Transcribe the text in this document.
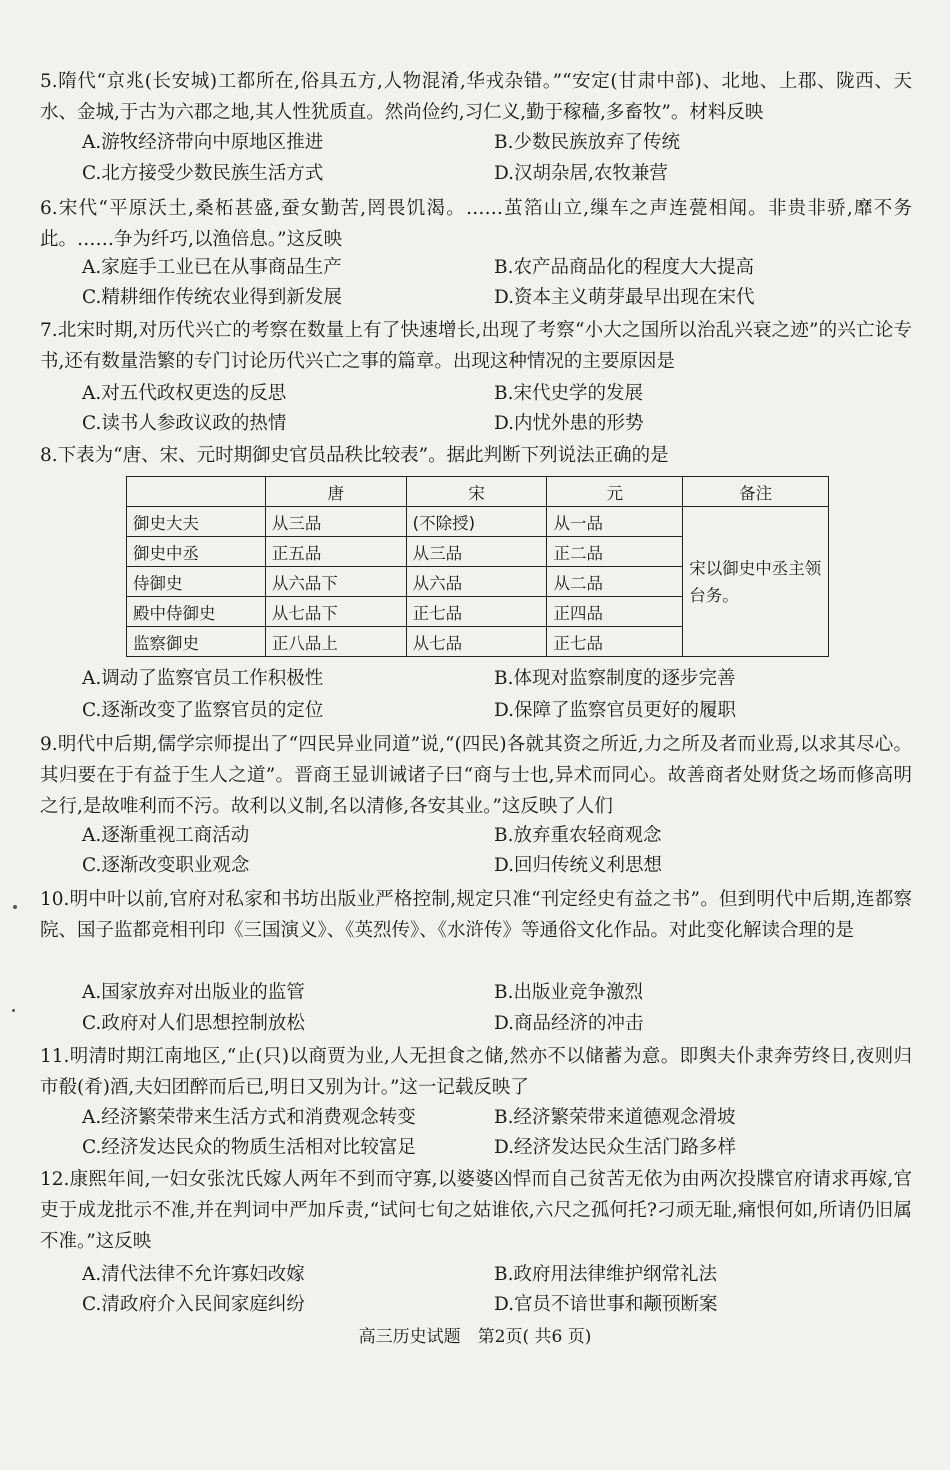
5.隋代“京兆(长安城)工都所在,俗具五方,人物混淆,华戎杂错。”“安定(甘肃中部)、北地、上郡、陇西、天水、金城,于古为六郡之地,其人性犹质直。然尚俭约,习仁义,勤于稼穑,多畜牧”。材料反映
A.游牧经济带向中原地区推进	B.少数民族放弃了传统
C.北方接受少数民族生活方式	D.汉胡杂居,农牧兼营
6.宋代“平原沃土,桑柘甚盛,蚕女勤苦,罔畏饥渴。……茧箔山立,缫车之声连甍相闻。非贵非骄,靡不务此。……争为纤巧,以渔倍息。”这反映
A.家庭手工业已在从事商品生产	B.农产品商品化的程度大大提高
C.精耕细作传统农业得到新发展	D.资本主义萌芽最早出现在宋代
7.北宋时期,对历代兴亡的考察在数量上有了快速增长,出现了考察“小大之国所以治乱兴衰之迹”的兴亡论专书,还有数量浩繁的专门讨论历代兴亡之事的篇章。出现这种情况的主要原因是
A.对五代政权更迭的反思	B.宋代史学的发展
C.读书人参政议政的热情	D.内忧外患的形势
8.下表为“唐、宋、元时期御史官员品秩比较表”。据此判断下列说法正确的是
	唐	宋	元	备注
御史大夫	从三品	(不除授)	从一品	宋以御史中丞主领台务。
御史中丞	正五品	从三品	正二品	
侍御史	从六品下	从六品	从二品	
殿中侍御史	从七品下	正七品	正四品	
监察御史	正八品上	从七品	正七品	
A.调动了监察官员工作积极性	B.体现对监察制度的逐步完善
C.逐渐改变了监察官员的定位	D.保障了监察官员更好的履职
9.明代中后期,儒学宗师提出了“四民异业同道”说,“(四民)各就其资之所近,力之所及者而业焉,以求其尽心。其归要在于有益于生人之道”。晋商王显训诫诸子曰“商与士也,异术而同心。故善商者处财货之场而修高明之行,是故唯利而不污。故利以义制,名以清修,各安其业。”这反映了人们
A.逐渐重视工商活动	B.放弃重农轻商观念
C.逐渐改变职业观念	D.回归传统义利思想
10.明中叶以前,官府对私家和书坊出版业严格控制,规定只准“刊定经史有益之书”。但到明代中后期,连都察院、国子监都竞相刊印《三国演义》、《英烈传》、《水浒传》等通俗文化作品。对此变化解读合理的是
A.国家放弃对出版业的监管	B.出版业竞争激烈
C.政府对人们思想控制放松	D.商品经济的冲击
11.明清时期江南地区,“止(只)以商贾为业,人无担食之储,然亦不以储蓄为意。即舆夫仆隶奔劳终日,夜则归市殽(肴)酒,夫妇团醉而后已,明日又别为计。”这一记载反映了
A.经济繁荣带来生活方式和消费观念转变	B.经济繁荣带来道德观念滑坡
C.经济发达民众的物质生活相对比较富足	D.经济发达民众生活门路多样
12.康熙年间,一妇女张沈氏嫁人两年不到而守寡,以婆婆凶悍而自己贫苦无依为由两次投牒官府请求再嫁,官吏于成龙批示不准,并在判词中严加斥责,“试问七旬之姑谁依,六尺之孤何托?刁顽无耻,痛恨何如,所请仍旧属不准。”这反映
A.清代法律不允许寡妇改嫁	B.政府用法律维护纲常礼法
C.清政府介入民间家庭纠纷	D.官员不谙世事和颟顸断案
高三历史试题　第2页( 共6 页)
